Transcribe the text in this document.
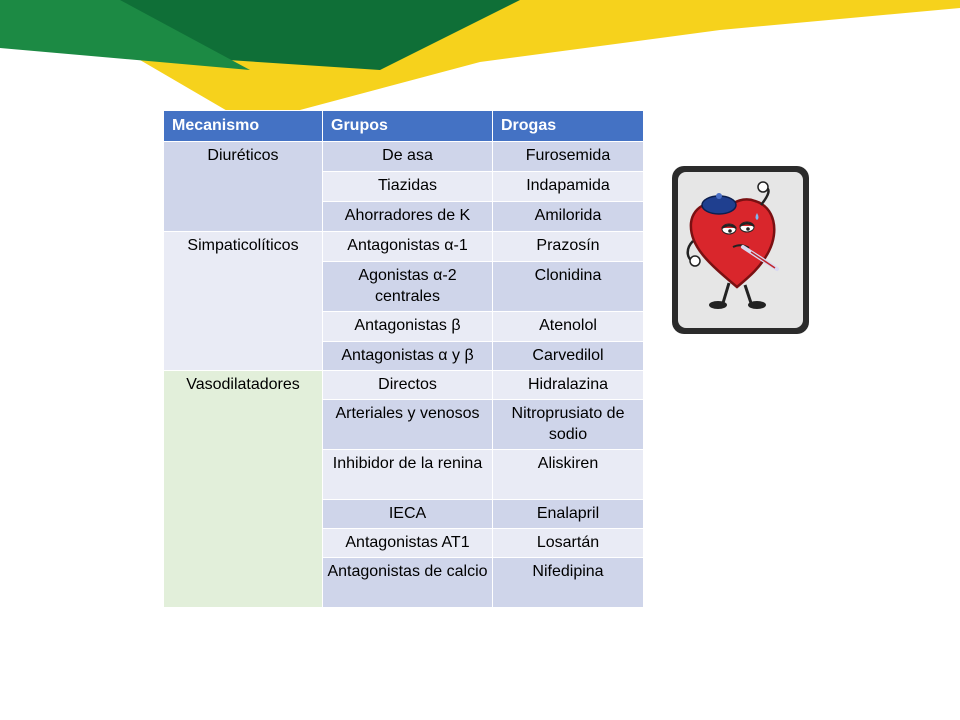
Mecanismo	Grupos	Drogas
Diuréticos	De asa	Furosemida
	Tiazidas	Indapamida
	Ahorradores de K	Amilorida
Simpaticolíticos	Antagonistas α-1	Prazosín
	Agonistas α-2 centrales	Clonidina
	Antagonistas β	Atenolol
	Antagonistas α y β	Carvedilol
Vasodilatadores	Directos	Hidralazina
	Arteriales y venosos	Nitroprusiato de sodio
	Inhibidor de la renina	Aliskiren
	IECA	Enalapril
	Antagonistas AT1	Losartán
	Antagonistas de calcio	Nifedipina
